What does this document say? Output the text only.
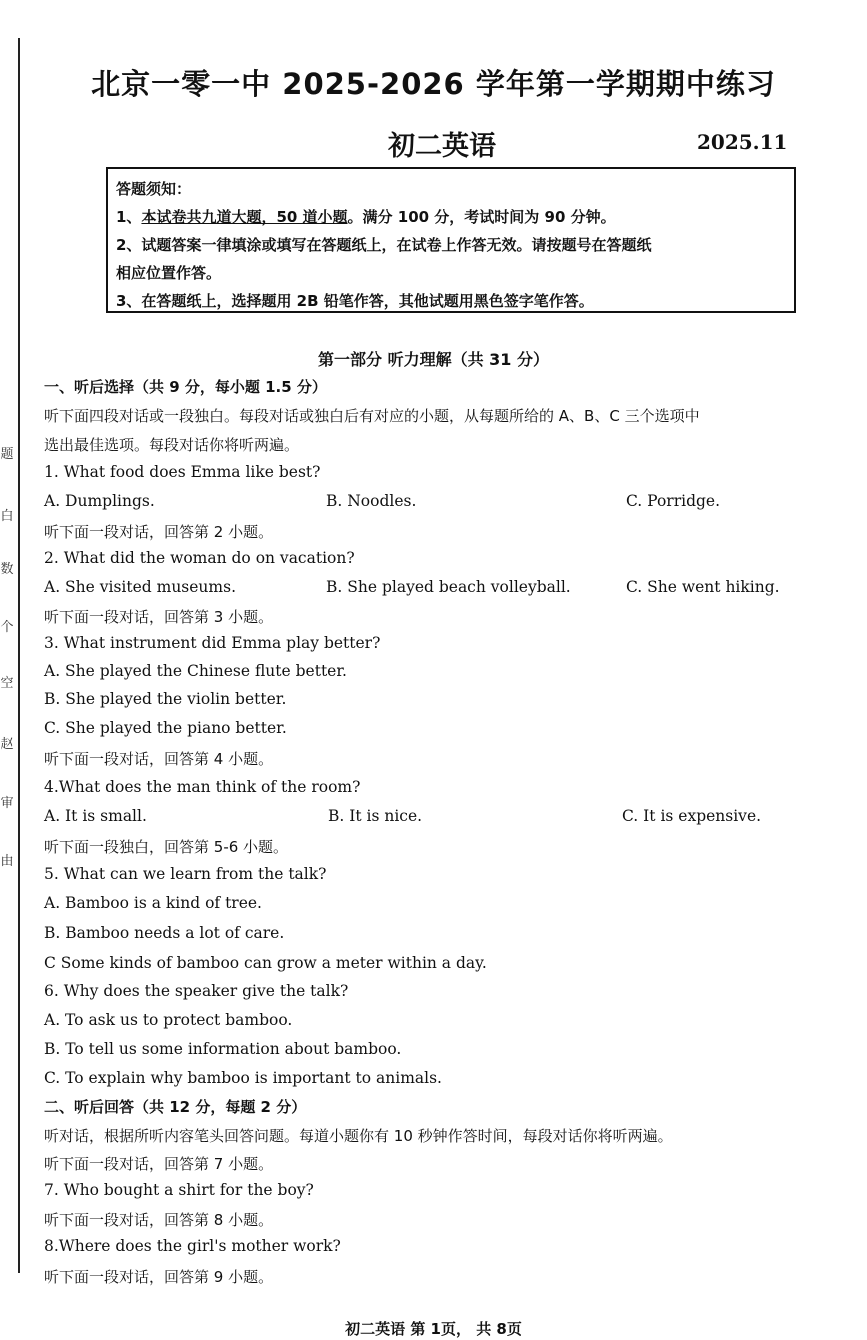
题
白
数
个
空
赵
审
由
北京一零一中 2025-2026 学年第一学期期中练习
初二英语	2025.11
答题须知：
1、本试卷共九道大题，50 道小题。满分 100 分，考试时间为 90 分钟。
2、试题答案一律填涂或填写在答题纸上，在试卷上作答无效。请按题号在答题纸
相应位置作答。
3、在答题纸上，选择题用 2B 铅笔作答，其他试题用黑色签字笔作答。
第一部分 听力理解（共 31 分）
一、听后选择（共 9 分，每小题 1.5 分）
听下面四段对话或一段独白。每段对话或独白后有对应的小题，从每题所给的 A、B、C 三个选项中
选出最佳选项。每段对话你将听两遍。
1. What food does Emma like best?
A. Dumplings.	B. Noodles.	C. Porridge.
听下面一段对话，回答第 2 小题。
2. What did the woman do on vacation?
A. She visited museums.	B. She played beach volleyball.	C. She went hiking.
听下面一段对话，回答第 3 小题。
3. What instrument did Emma play better?
A. She played the Chinese flute better.
B. She played the violin better.
C. She played the piano better.
听下面一段对话，回答第 4 小题。
4.What does the man think of the room?
A. It is small.	B. It is nice.	C. It is expensive.
听下面一段独白，回答第 5-6 小题。
5. What can we learn from the talk?
A. Bamboo is a kind of tree.
B. Bamboo needs a lot of care.
C Some kinds of bamboo can grow a meter within a day.
6. Why does the speaker give the talk?
A. To ask us to protect bamboo.
B. To tell us some information about bamboo.
C. To explain why bamboo is important to animals.
二、听后回答（共 12 分，每题 2 分）
听对话，根据所听内容笔头回答问题。每道小题你有 10 秒钟作答时间，每段对话你将听两遍。
听下面一段对话，回答第 7 小题。
7. Who bought a shirt for the boy?
听下面一段对话，回答第 8 小题。
8.Where does the girl's mother work?
听下面一段对话，回答第 9 小题。
初二英语 第 1页， 共 8页
